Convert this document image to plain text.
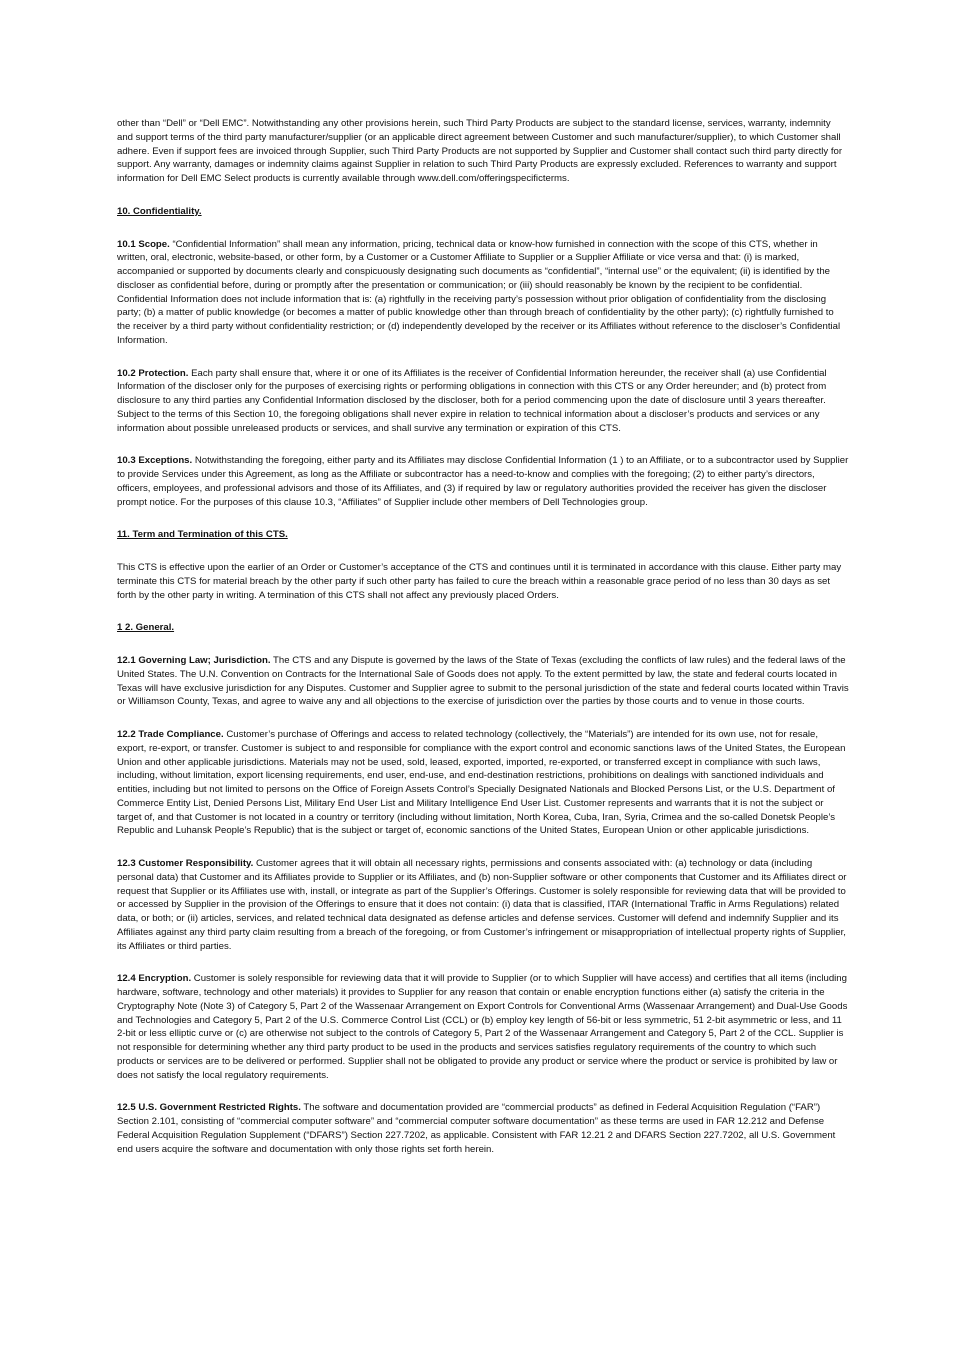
other than “Dell” or “Dell EMC”. Notwithstanding any other provisions herein, such Third Party Products are subject to the standard license, services, warranty, indemnity and support terms of the third party manufacturer/supplier (or an applicable direct agreement between Customer and such manufacturer/supplier), to which Customer shall adhere. Even if support fees are invoiced through Supplier, such Third Party Products are not supported by Supplier and Customer shall contact such third party directly for support. Any warranty, damages or indemnity claims against Supplier in relation to such Third Party Products are expressly excluded. References to warranty and support information for Dell EMC Select products is currently available through www.dell.com/offeringspecificterms.

10. Confidentiality.

10.1 Scope. “Confidential Information” shall mean any information, pricing, technical data or know-how furnished in connection with the scope of this CTS, whether in written, oral, electronic, website-based, or other form, by a Customer or a Customer Affiliate to Supplier or a Supplier Affiliate or vice versa and that: (i) is marked, accompanied or supported by documents clearly and conspicuously designating such documents as “confidential”, “internal use” or the equivalent; (ii) is identified by the discloser as confidential before, during or promptly after the presentation or communication; or (iii) should reasonably be known by the recipient to be confidential. Confidential Information does not include information that is: (a) rightfully in the receiving party’s possession without prior obligation of confidentiality from the disclosing party; (b) a matter of public knowledge (or becomes a matter of public knowledge other than through breach of confidentiality by the other party); (c) rightfully furnished to the receiver by a third party without confidentiality restriction; or (d) independently developed by the receiver or its Affiliates without reference to the discloser’s Confidential Information.

10.2 Protection. Each party shall ensure that, where it or one of its Affiliates is the receiver of Confidential Information hereunder, the receiver shall (a) use Confidential Information of the discloser only for the purposes of exercising rights or performing obligations in connection with this CTS or any Order hereunder; and (b) protect from disclosure to any third parties any Confidential Information disclosed by the discloser, both for a period commencing upon the date of disclosure until 3 years thereafter. Subject to the terms of this Section 10, the foregoing obligations shall never expire in relation to technical information about a discloser’s products and services or any information about possible unreleased products or services, and shall survive any termination or expiration of this CTS.

10.3 Exceptions. Notwithstanding the foregoing, either party and its Affiliates may disclose Confidential Information (1 ) to an Affiliate, or to a subcontractor used by Supplier to provide Services under this Agreement, as long as the Affiliate or subcontractor has a need-to-know and complies with the foregoing; (2) to either party’s directors, officers, employees, and professional advisors and those of its Affiliates, and (3) if required by law or regulatory authorities provided the receiver has given the discloser prompt notice. For the purposes of this clause 10.3, “Affiliates” of Supplier include other members of Dell Technologies group.

11. Term and Termination of this CTS.

This CTS is effective upon the earlier of an Order or Customer’s acceptance of the CTS and continues until it is terminated in accordance with this clause. Either party may terminate this CTS for material breach by the other party if such other party has failed to cure the breach within a reasonable grace period of no less than 30 days as set forth by the other party in writing. A termination of this CTS shall not affect any previously placed Orders.

1 2. General.

12.1 Governing Law; Jurisdiction. The CTS and any Dispute is governed by the laws of the State of Texas (excluding the conflicts of law rules) and the federal laws of the United States. The U.N. Convention on Contracts for the International Sale of Goods does not apply. To the extent permitted by law, the state and federal courts located in Texas will have exclusive jurisdiction for any Disputes. Customer and Supplier agree to submit to the personal jurisdiction of the state and federal courts located within Travis or Williamson County, Texas, and agree to waive any and all objections to the exercise of jurisdiction over the parties by those courts and to venue in those courts.

12.2 Trade Compliance. Customer’s purchase of Offerings and access to related technology (collectively, the “Materials”) are intended for its own use, not for resale, export, re-export, or transfer. Customer is subject to and responsible for compliance with the export control and economic sanctions laws of the United States, the European Union and other applicable jurisdictions. Materials may not be used, sold, leased, exported, imported, re-exported, or transferred except in compliance with such laws, including, without limitation, export licensing requirements, end user, end-use, and end-destination restrictions, prohibitions on dealings with sanctioned individuals and entities, including but not limited to persons on the Office of Foreign Assets Control’s Specially Designated Nationals and Blocked Persons List, or the U.S. Department of Commerce Entity List, Denied Persons List, Military End User List and Military Intelligence End User List. Customer represents and warrants that it is not the subject or target of, and that Customer is not located in a country or territory (including without limitation, North Korea, Cuba, Iran, Syria, Crimea and the so-called Donetsk People’s Republic and Luhansk People’s Republic) that is the subject or target of, economic sanctions of the United States, European Union or other applicable jurisdictions.

12.3 Customer Responsibility. Customer agrees that it will obtain all necessary rights, permissions and consents associated with: (a) technology or data (including personal data) that Customer and its Affiliates provide to Supplier or its Affiliates, and (b) non-Supplier software or other components that Customer and its Affiliates direct or request that Supplier or its Affiliates use with, install, or integrate as part of the Supplier’s Offerings. Customer is solely responsible for reviewing data that will be provided to or accessed by Supplier in the provision of the Offerings to ensure that it does not contain: (i) data that is classified, ITAR (International Traffic in Arms Regulations) related data, or both; or (ii) articles, services, and related technical data designated as defense articles and defense services. Customer will defend and indemnify Supplier and its Affiliates against any third party claim resulting from a breach of the foregoing, or from Customer’s infringement or misappropriation of intellectual property rights of Supplier, its Affiliates or third parties.

12.4 Encryption. Customer is solely responsible for reviewing data that it will provide to Supplier (or to which Supplier will have access) and certifies that all items (including hardware, software, technology and other materials) it provides to Supplier for any reason that contain or enable encryption functions either (a) satisfy the criteria in the Cryptography Note (Note 3) of Category 5, Part 2 of the Wassenaar Arrangement on Export Controls for Conventional Arms (Wassenaar Arrangement) and Dual-Use Goods and Technologies and Category 5, Part 2 of the U.S. Commerce Control List (CCL) or (b) employ key length of 56-bit or less symmetric, 51 2-bit asymmetric or less, and 11 2-bit or less elliptic curve or (c) are otherwise not subject to the controls of Category 5, Part 2 of the Wassenaar Arrangement and Category 5, Part 2 of the CCL. Supplier is not responsible for determining whether any third party product to be used in the products and services satisfies regulatory requirements of the country to which such products or services are to be delivered or performed. Supplier shall not be obligated to provide any product or service where the product or service is prohibited by law or does not satisfy the local regulatory requirements.

12.5 U.S. Government Restricted Rights. The software and documentation provided are “commercial products” as defined in Federal Acquisition Regulation (“FAR”) Section 2.101, consisting of “commercial computer software” and “commercial computer software documentation” as these terms are used in FAR 12.212 and Defense Federal Acquisition Regulation Supplement (“DFARS”) Section 227.7202, as applicable. Consistent with FAR 12.21 2 and DFARS Section 227.7202, all U.S. Government end users acquire the software and documentation with only those rights set forth herein.
